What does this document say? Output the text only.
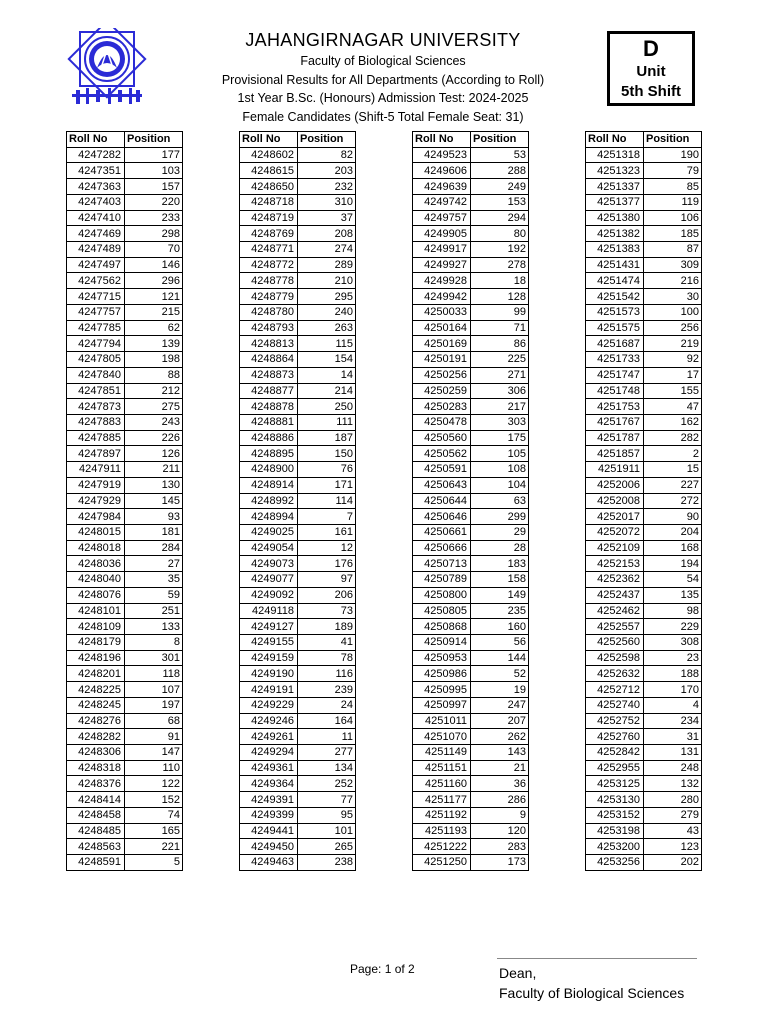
JAHANGIRNAGAR UNIVERSITY
Faculty of Biological Sciences
Provisional Results for All Departments (According to Roll)
1st Year B.Sc. (Honours) Admission Test: 2024-2025
Female Candidates (Shift-5 Total Female Seat: 31)
D
Unit
5th Shift
Roll No	Position
4247282	177
4247351	103
4247363	157
4247403	220
4247410	233
4247469	298
4247489	70
4247497	146
4247562	296
4247715	121
4247757	215
4247785	62
4247794	139
4247805	198
4247840	88
4247851	212
4247873	275
4247883	243
4247885	226
4247897	126
4247911	211
4247919	130
4247929	145
4247984	93
4248015	181
4248018	284
4248036	27
4248040	35
4248076	59
4248101	251
4248109	133
4248179	8
4248196	301
4248201	118
4248225	107
4248245	197
4248276	68
4248282	91
4248306	147
4248318	110
4248376	122
4248414	152
4248458	74
4248485	165
4248563	221
4248591	5
Roll No	Position
4248602	82
4248615	203
4248650	232
4248718	310
4248719	37
4248769	208
4248771	274
4248772	289
4248778	210
4248779	295
4248780	240
4248793	263
4248813	115
4248864	154
4248873	14
4248877	214
4248878	250
4248881	111
4248886	187
4248895	150
4248900	76
4248914	171
4248992	114
4248994	7
4249025	161
4249054	12
4249073	176
4249077	97
4249092	206
4249118	73
4249127	189
4249155	41
4249159	78
4249190	116
4249191	239
4249229	24
4249246	164
4249261	11
4249294	277
4249361	134
4249364	252
4249391	77
4249399	95
4249441	101
4249450	265
4249463	238
Roll No	Position
4249523	53
4249606	288
4249639	249
4249742	153
4249757	294
4249905	80
4249917	192
4249927	278
4249928	18
4249942	128
4250033	99
4250164	71
4250169	86
4250191	225
4250256	271
4250259	306
4250283	217
4250478	303
4250560	175
4250562	105
4250591	108
4250643	104
4250644	63
4250646	299
4250661	29
4250666	28
4250713	183
4250789	158
4250800	149
4250805	235
4250868	160
4250914	56
4250953	144
4250986	52
4250995	19
4250997	247
4251011	207
4251070	262
4251149	143
4251151	21
4251160	36
4251177	286
4251192	9
4251193	120
4251222	283
4251250	173
Roll No	Position
4251318	190
4251323	79
4251337	85
4251377	119
4251380	106
4251382	185
4251383	87
4251431	309
4251474	216
4251542	30
4251573	100
4251575	256
4251687	219
4251733	92
4251747	17
4251748	155
4251753	47
4251767	162
4251787	282
4251857	2
4251911	15
4252006	227
4252008	272
4252017	90
4252072	204
4252109	168
4252153	194
4252362	54
4252437	135
4252462	98
4252557	229
4252560	308
4252598	23
4252632	188
4252712	170
4252740	4
4252752	234
4252760	31
4252842	131
4252955	248
4253125	132
4253130	280
4253152	279
4253198	43
4253200	123
4253256	202
Page: 1 of 2	Dean,
Faculty of Biological Sciences
